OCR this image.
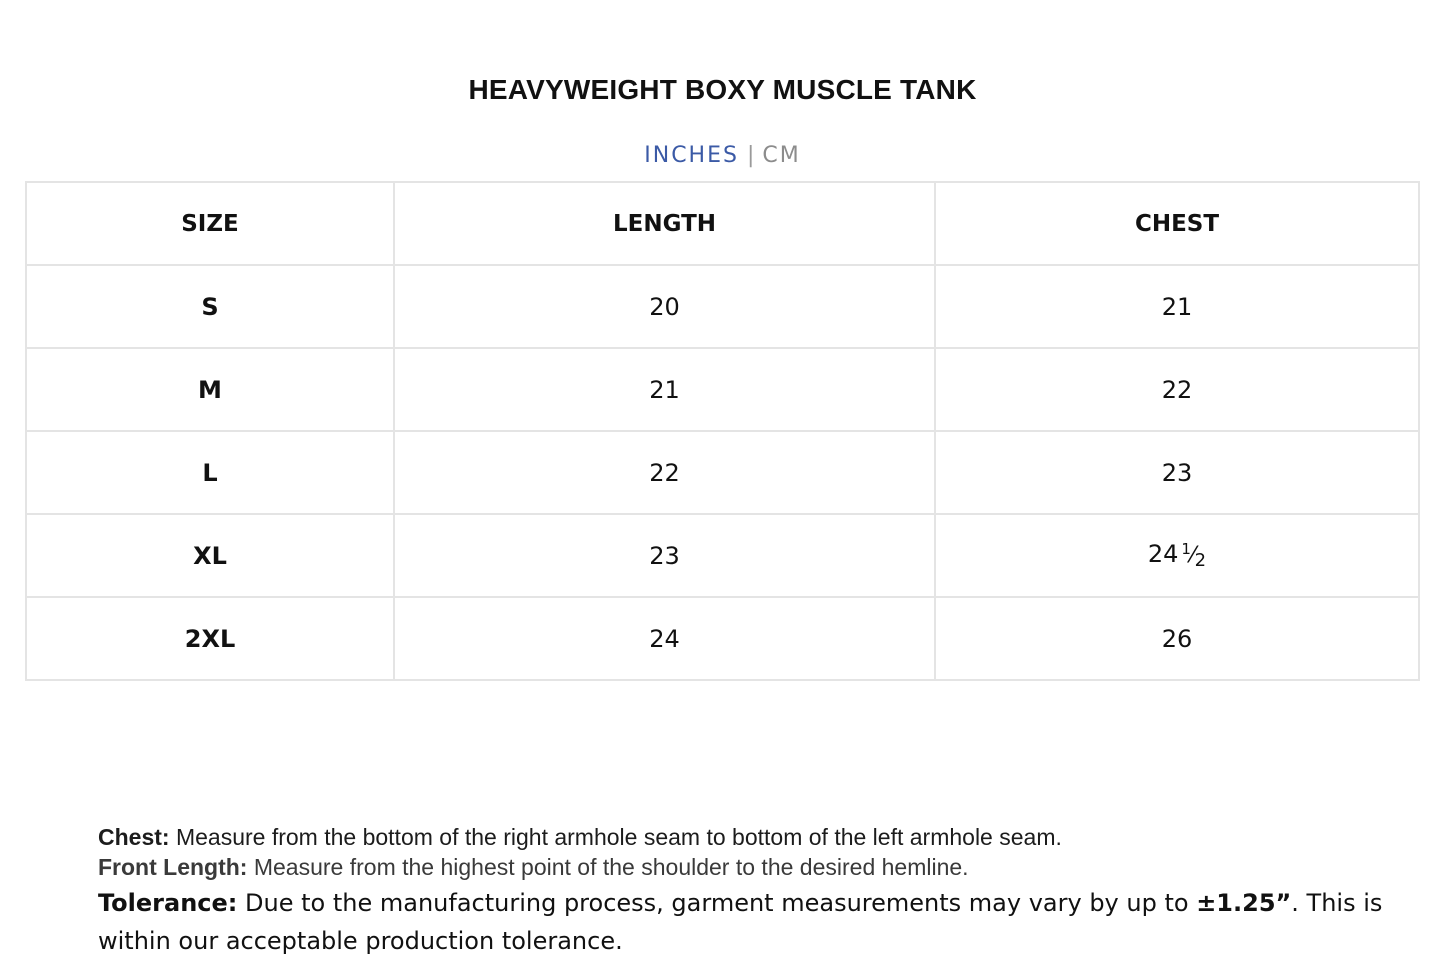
HEAVYWEIGHT BOXY MUSCLE TANK
INCHES | CM
SIZE	LENGTH	CHEST
S	20	21
M	21	22
L	22	23
XL	23	24 $^1⁄_2$
2XL	24	26
Chest: Measure from the bottom of the right armhole seam to bottom of the left armhole seam.
Front Length: Measure from the highest point of the shoulder to the desired hemline.
Tolerance: Due to the manufacturing process, garment measurements may vary by up to ±1.25”. This is within our acceptable production tolerance.
